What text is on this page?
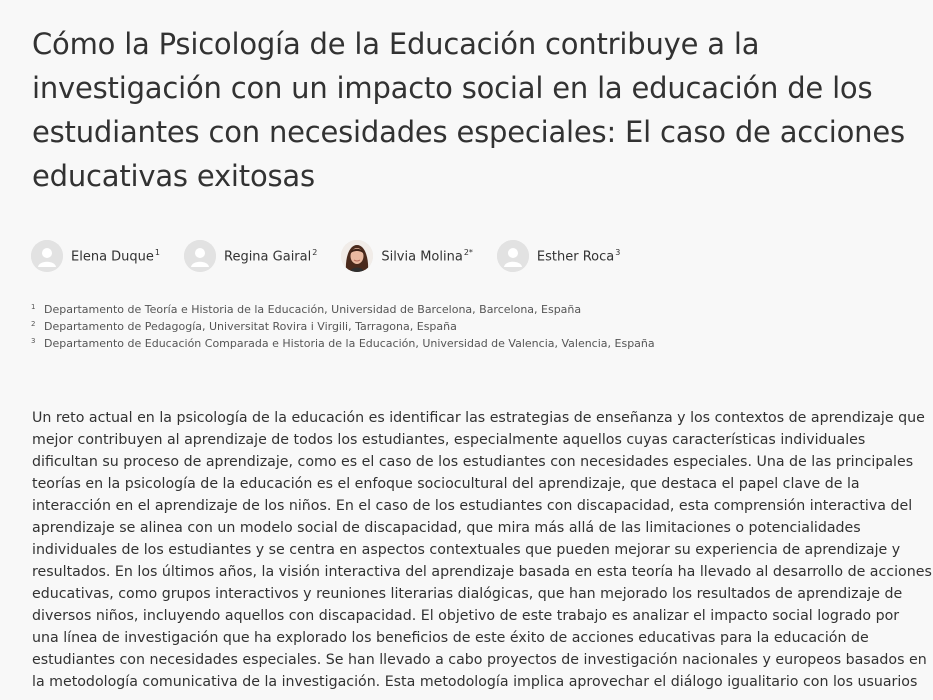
Cómo la Psicología de la Educación contribuye a la
investigación con un impacto social en la educación de los
estudiantes con necesidades especiales: El caso de acciones
educativas exitosas
Elena Duque$^1$	Regina Gairal$^2$	Silvia Molina$^{2*}$	Esther Roca$^3$
$^1$ Departamento de Teoría e Historia de la Educación, Universidad de Barcelona, Barcelona, España
$^2$ Departamento de Pedagogía, Universitat Rovira i Virgili, Tarragona, España
$^3$ Departamento de Educación Comparada e Historia de la Educación, Universidad de Valencia, Valencia, España

Un reto actual en la psicología de la educación es identificar las estrategias de enseñanza y los contextos de aprendizaje que
mejor contribuyen al aprendizaje de todos los estudiantes, especialmente aquellos cuyas características individuales
dificultan su proceso de aprendizaje, como es el caso de los estudiantes con necesidades especiales. Una de las principales
teorías en la psicología de la educación es el enfoque sociocultural del aprendizaje, que destaca el papel clave de la
interacción en el aprendizaje de los niños. En el caso de los estudiantes con discapacidad, esta comprensión interactiva del
aprendizaje se alinea con un modelo social de discapacidad, que mira más allá de las limitaciones o potencialidades
individuales de los estudiantes y se centra en aspectos contextuales que pueden mejorar su experiencia de aprendizaje y
resultados. En los últimos años, la visión interactiva del aprendizaje basada en esta teoría ha llevado al desarrollo de acciones
educativas, como grupos interactivos y reuniones literarias dialógicas, que han mejorado los resultados de aprendizaje de
diversos niños, incluyendo aquellos con discapacidad. El objetivo de este trabajo es analizar el impacto social logrado por
una línea de investigación que ha explorado los beneficios de este éxito de acciones educativas para la educación de
estudiantes con necesidades especiales. Se han llevado a cabo proyectos de investigación nacionales y europeos basados en
la metodología comunicativa de la investigación. Esta metodología implica aprovechar el diálogo igualitario con los usuarios
